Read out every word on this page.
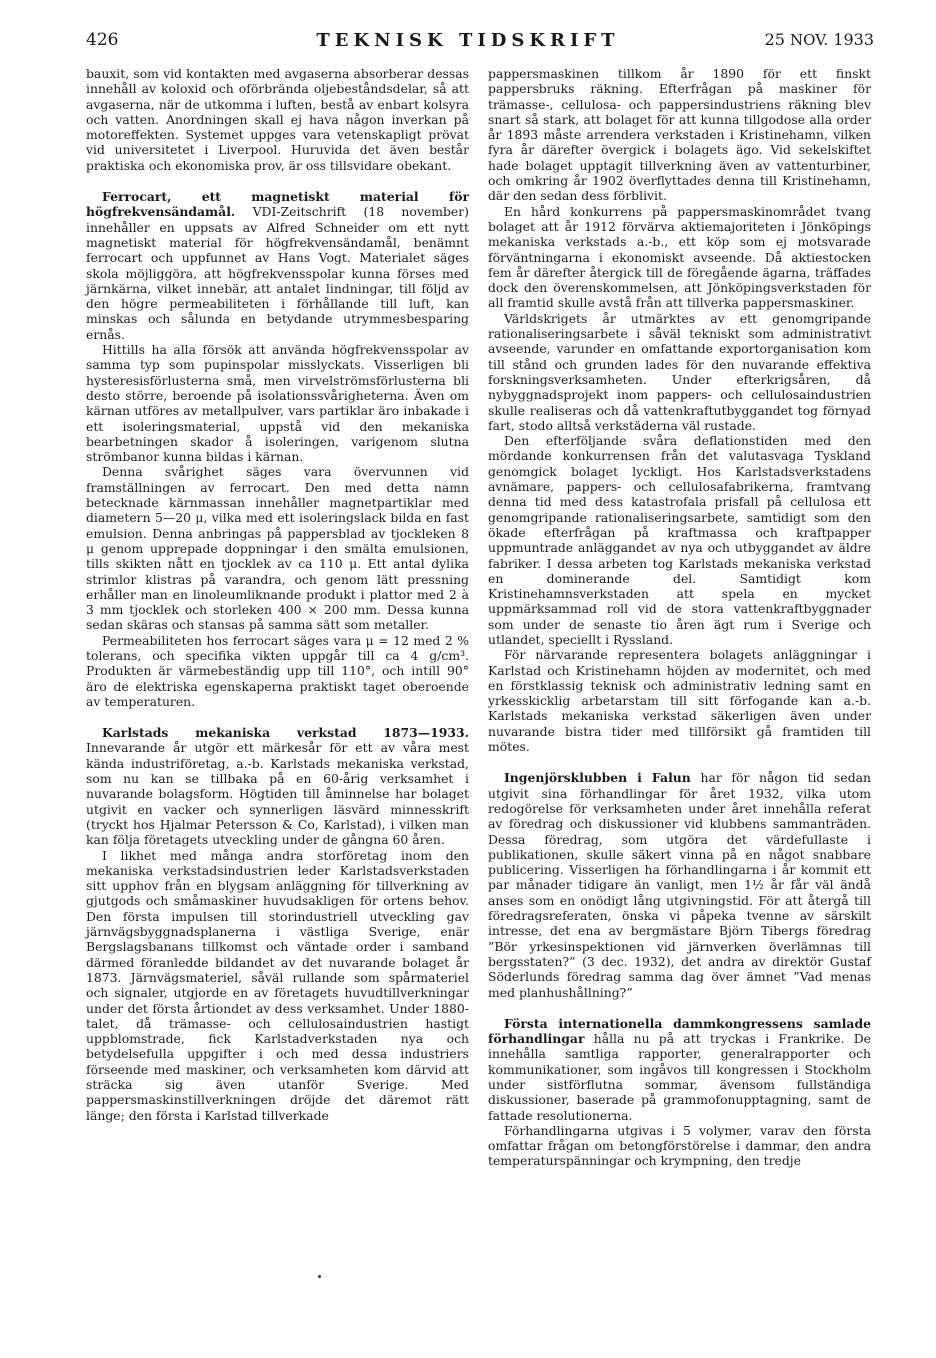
426	TEKNISK TIDSKRIFT	25 NOV. 1933

bauxit, som vid kontakten med avgaserna absorberar dessas innehåll av koloxid och oförbrända oljebeståndsdelar, så att avgaserna, när de utkomma i luften, bestå av enbart kolsyra och vatten. Anordningen skall ej hava någon inverkan på motoreffekten. Systemet uppges vara vetenskapligt prövat vid universitetet i Liverpool. Huruvida det även består praktiska och ekonomiska prov, är oss tillsvidare obekant.

Ferrocart, ett magnetiskt material för högfrekvensändamål. VDI-Zeitschrift (18 november) innehåller en uppsats av Alfred Schneider om ett nytt magnetiskt material för högfrekvensändamål, benämnt ferrocart och uppfunnet av Hans Vogt. Materialet säges skola möjliggöra, att högfrekvensspolar kunna förses med järnkärna, vilket innebär, att antalet lindningar, till följd av den högre permeabiliteten i förhållande till luft, kan minskas och sålunda en betydande utrymmesbesparing ernås.

Hittills ha alla försök att använda högfrekvensspolar av samma typ som pupinspolar misslyckats. Visserligen bli hysteresisförlusterna små, men virvelströmsförlusterna bli desto större, beroende på isolationssvårigheterna. Även om kärnan utföres av metallpulver, vars partiklar äro inbakade i ett isoleringsmaterial, uppstå vid den mekaniska bearbetningen skador å isoleringen, varigenom slutna strömbanor kunna bildas i kärnan.

Denna svårighet säges vara övervunnen vid framställningen av ferrocart. Den med detta namn betecknade kärnmassan innehåller magnetpartiklar med diametern 5—20 μ, vilka med ett isoleringslack bilda en fast emulsion. Denna anbringas på pappersblad av tjockleken 8 μ genom upprepade doppningar i den smälta emulsionen, tills skikten nått en tjocklek av ca 110 μ. Ett antal dylika strimlor klistras på varandra, och genom lätt pressning erhåller man en linoleumliknande produkt i plattor med 2 à 3 mm tjocklek och storleken 400 × 200 mm. Dessa kunna sedan skäras och stansas på samma sätt som metaller.

Permeabiliteten hos ferrocart säges vara μ = 12 med 2 % tolerans, och specifika vikten uppgår till ca 4 g/cm³. Produkten är värmebeständig upp till 110°, och intill 90° äro de elektriska egenskaperna praktiskt taget oberoende av temperaturen.

Karlstads mekaniska verkstad 1873—1933. Innevarande år utgör ett märkesår för ett av våra mest kända industriföretag, a.-b. Karlstads mekaniska verkstad, som nu kan se tillbaka på en 60-årig verksamhet i nuvarande bolagsform. Högtiden till åminnelse har bolaget utgivit en vacker och synnerligen läsvärd minnesskrift (tryckt hos Hjalmar Petersson & Co, Karlstad), i vilken man kan följa företagets utveckling under de gångna 60 åren.

I likhet med många andra storföretag inom den mekaniska verkstadsindustrien leder Karlstadsverkstaden sitt upphov från en blygsam anläggning för tillverkning av gjutgods och småmaskiner huvudsakligen för ortens behov. Den första impulsen till storindustriell utveckling gav järnvägsbyggnadsplanerna i västliga Sverige, enär Bergslagsbanans tillkomst och väntade order i samband därmed föranledde bildandet av det nuvarande bolaget år 1873. Järnvägsmateriel, såväl rullande som spårmateriel och signaler, utgjorde en av företagets huvudtillverkningar under det första årtiondet av dess verksamhet. Under 1880-talet, då trämasse- och cellulosaindustrien hastigt uppblomstrade, fick Karlstadverkstaden nya och betydelsefulla uppgifter i och med dessa industriers förseende med maskiner, och verksamheten kom därvid att sträcka sig även utanför Sverige. Med pappersmaskinstillverkningen dröjde det däremot rätt länge; den första i Karlstad tillverkade

pappersmaskinen tillkom år 1890 för ett finskt pappersbruks räkning. Efterfrågan på maskiner för trämasse-, cellulosa- och pappersindustriens räkning blev snart så stark, att bolaget för att kunna tillgodose alla order år 1893 måste arrendera verkstaden i Kristinehamn, vilken fyra år därefter övergick i bolagets ägo. Vid sekelskiftet hade bolaget upptagit tillverkning även av vattenturbiner, och omkring år 1902 överflyttades denna till Kristinehamn, där den sedan dess förblivit.

En hård konkurrens på pappersmaskinområdet tvang bolaget att år 1912 förvärva aktiemajoriteten i Jönköpings mekaniska verkstads a.-b., ett köp som ej motsvarade förväntningarna i ekonomiskt avseende. Då aktiestocken fem år därefter återgick till de föregående ägarna, träffades dock den överenskommelsen, att Jönköpingsverkstaden för all framtid skulle avstå från att tillverka pappersmaskiner.

Världskrigets år utmärktes av ett genomgripande rationaliseringsarbete i såväl tekniskt som administrativt avseende, varunder en omfattande exportorganisation kom till stånd och grunden lades för den nuvarande effektiva forskningsverksamheten. Under efterkrigsåren, då nybyggnadsprojekt inom pappers- och cellulosaindustrien skulle realiseras och då vattenkraftutbyggandet tog förnyad fart, stodo alltså verkstäderna väl rustade.

Den efterföljande svåra deflationstiden med den mördande konkurrensen från det valutasvaga Tyskland genomgick bolaget lyckligt. Hos Karlstadsverkstadens avnämare, pappers- och cellulosafabrikerna, framtvang denna tid med dess katastrofala prisfall på cellulosa ett genomgripande rationaliseringsarbete, samtidigt som den ökade efterfrågan på kraftmassa och kraftpapper uppmuntrade anläggandet av nya och utbyggandet av äldre fabriker. I dessa arbeten tog Karlstads mekaniska verkstad en dominerande del. Samtidigt kom Kristinehamnsverkstaden att spela en mycket uppmärksammad roll vid de stora vattenkraftbyggnader som under de senaste tio åren ägt rum i Sverige och utlandet, speciellt i Ryssland.

För närvarande representera bolagets anläggningar i Karlstad och Kristinehamn höjden av modernitet, och med en förstklassig teknisk och administrativ ledning samt en yrkesskicklig arbetarstam till sitt förfogande kan a.-b. Karlstads mekaniska verkstad säkerligen även under nuvarande bistra tider med tillförsikt gå framtiden till mötes.

Ingenjörsklubben i Falun har för någon tid sedan utgivit sina förhandlingar för året 1932, vilka utom redogörelse för verksamheten under året innehålla referat av föredrag och diskussioner vid klubbens sammanträden. Dessa föredrag, som utgöra det värdefullaste i publikationen, skulle säkert vinna på en något snabbare publicering. Visserligen ha förhandlingarna i år kommit ett par månader tidigare än vanligt, men 1½ år får väl ändå anses som en onödigt lång utgivningstid. För att återgå till föredragsreferaten, önska vi påpeka tvenne av särskilt intresse, det ena av bergmästare Björn Tibergs föredrag ”Bör yrkesinspektionen vid järnverken överlämnas till bergsstaten?” (3 dec. 1932), det andra av direktör Gustaf Söderlunds föredrag samma dag över ämnet ”Vad menas med planhushållning?”

Första internationella dammkongressens samlade förhandlingar hålla nu på att tryckas i Frankrike. De innehålla samtliga rapporter, generalrapporter och kommunikationer, som ingåvos till kongressen i Stockholm under sistförflutna sommar, ävensom fullständiga diskussioner, baserade på grammofonupptagning, samt de fattade resolutionerna.

Förhandlingarna utgivas i 5 volymer, varav den första omfattar frågan om betongförstörelse i dammar, den andra temperaturspänningar och krympning, den tredje
